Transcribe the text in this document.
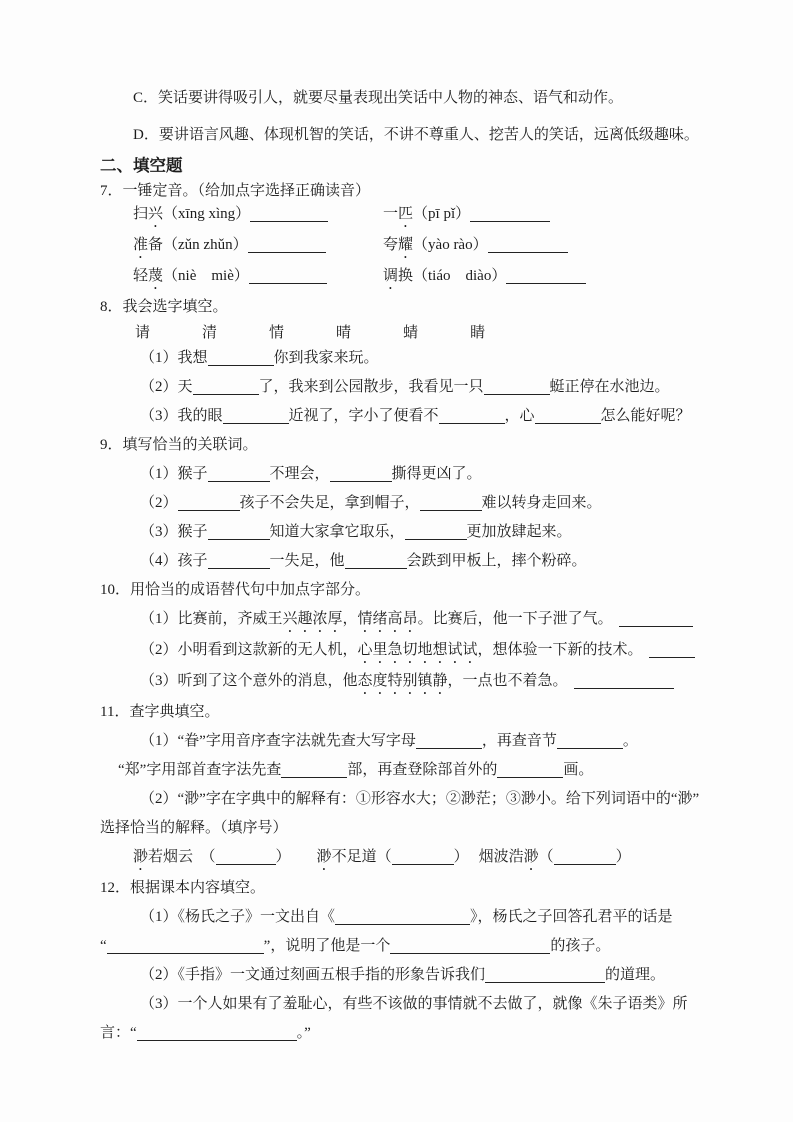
C．笑话要讲得吸引人，就要尽量表现出笑话中人物的神态、语气和动作。
D．要讲语言风趣、体现机智的笑话，不讲不尊重人、挖苦人的笑话，远离低级趣味。
二、填空题
7．一锤定音。（给加点字选择正确读音）
扫兴（xīng xìng）	一匹（pī pǐ）
准备（zǔn zhǔn）	夸耀（yào rào）
轻蔑（niè　miè）	调换（tiáo　diào）
8．我会选字填空。
请	清	情	晴	蜻	睛
（1）我想	你到我家来玩。
（2）天	了，我来到公园散步，我看见一只	蜓正停在水池边。
（3）我的眼	近视了，字小了便看不	，心	怎么能好呢？
9．填写恰当的关联词。
（1）猴子	不理会，	撕得更凶了。
（2）	孩子不会失足，拿到帽子，	难以转身走回来。
（3）猴子	知道大家拿它取乐，	更加放肆起来。
（4）孩子	一失足，他	会跌到甲板上，摔个粉碎。
10．用恰当的成语替代句中加点字部分。
（1）比赛前，齐威王兴趣浓厚，情绪高昂。比赛后，他一下子泄了气。
（2）小明看到这款新的无人机，心里急切地想试试，想体验一下新的技术。
（3）听到了这个意外的消息，他态度特别镇静，一点也不着急。
11．查字典填空。
（1）“眷”字用音序查字法就先查大写字母	，再查音节	。
“郑”字用部首查字法先查	部，再查登除部首外的	画。
（2）“渺”字在字典中的解释有：①形容水大；②渺茫；③渺小。给下列词语中的“渺”
选择恰当的解释。（填序号）
渺若烟云　（	） 渺不足道（	） 烟波浩渺（	）
12．根据课本内容填空。
（1）《杨氏之子》一文出自《	》，杨氏之子回答孔君平的话是
“	”，说明了他是一个	的孩子。
（2）《手指》一文通过刻画五根手指的形象告诉我们	的道理。
（3）一个人如果有了羞耻心，有些不该做的事情就不去做了，就像《朱子语类》所
言：“	。”
